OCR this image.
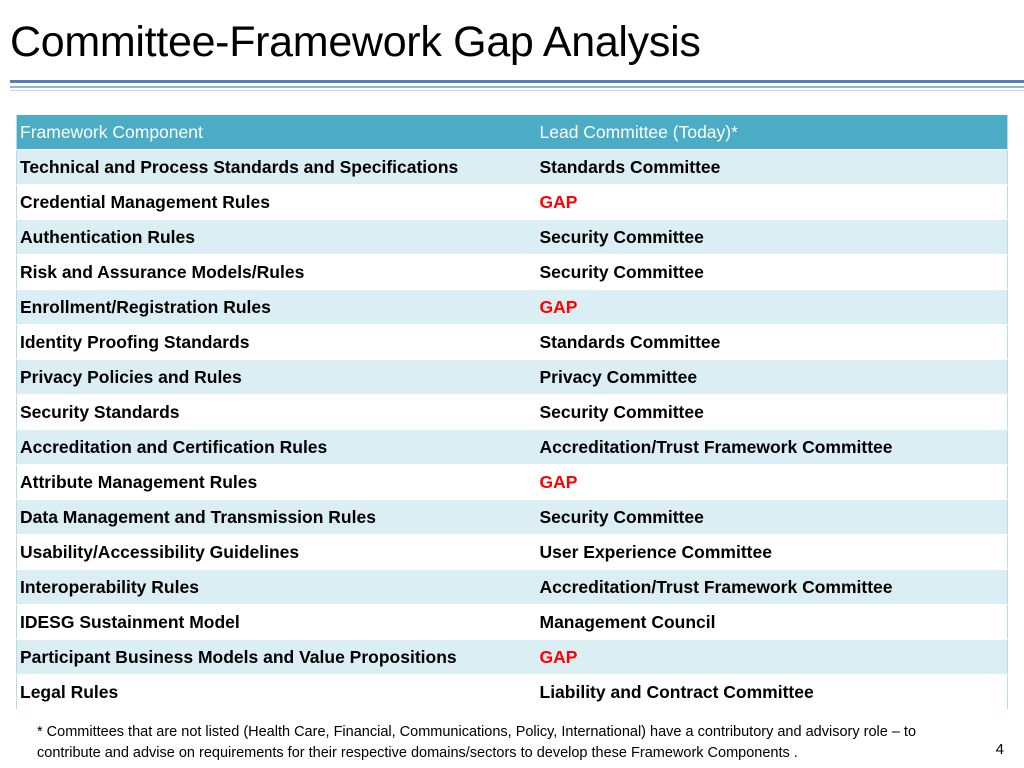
Committee-Framework Gap Analysis
Framework Component	Lead Committee (Today)*
Technical and Process Standards and Specifications	Standards Committee
Credential Management Rules	GAP
Authentication Rules	Security Committee
Risk and Assurance Models/Rules	Security Committee
Enrollment/Registration Rules	GAP
Identity Proofing Standards	Standards Committee
Privacy Policies and Rules	Privacy Committee
Security Standards	Security Committee
Accreditation and Certification Rules	Accreditation/Trust Framework Committee
Attribute Management Rules	GAP
Data Management and Transmission Rules	Security Committee
Usability/Accessibility Guidelines	User Experience Committee
Interoperability Rules	Accreditation/Trust Framework Committee
IDESG Sustainment Model	Management Council
Participant Business Models and Value Propositions	GAP
Legal Rules	Liability and Contract Committee
* Committees that are not listed (Health Care, Financial, Communications, Policy, International) have a contributory and advisory role – to
contribute and advise on requirements for their respective domains/sectors to develop these Framework Components .	4
